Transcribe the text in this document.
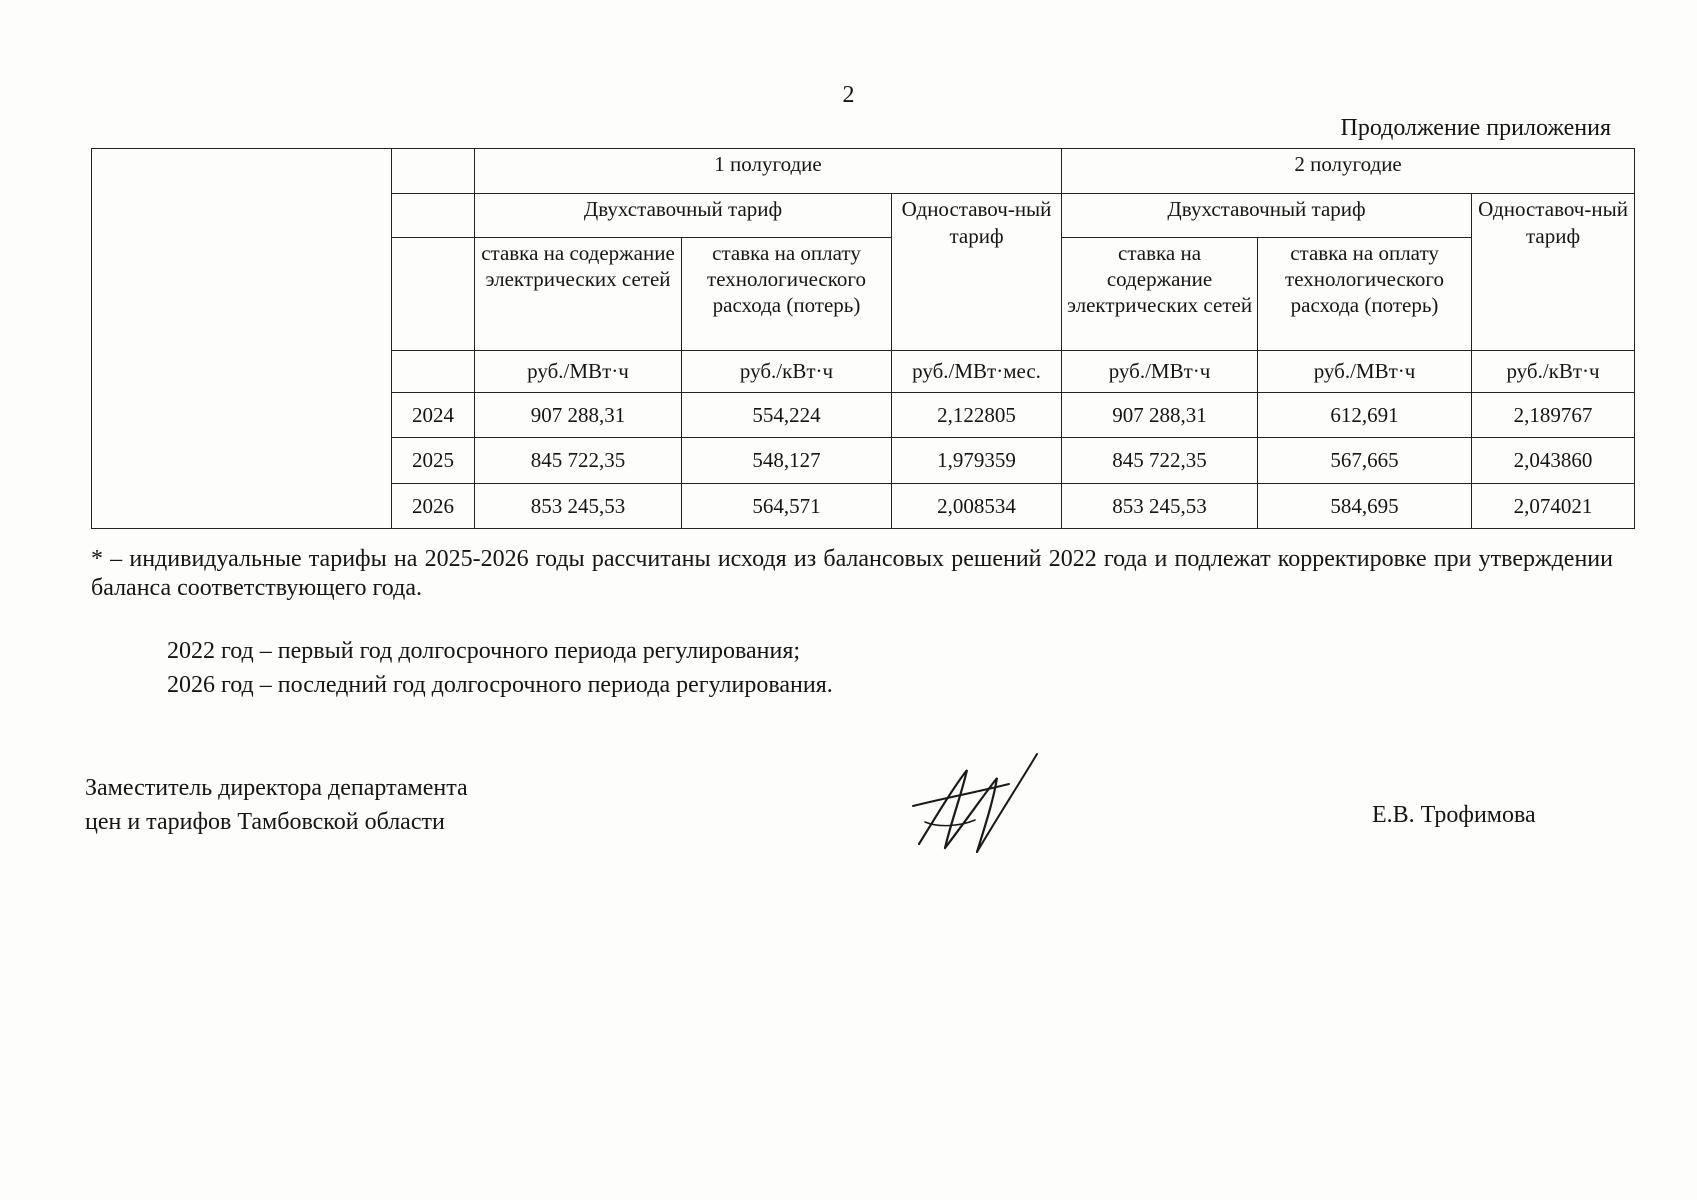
2
Продолжение приложения
		1 полугодие			2 полугодие		
		Двухставочный тариф		Одноставоч-ный тариф	Двухставочный тариф		Одноставоч-ный тариф
		ставка на содержание электрических сетей	ставка на оплату технологического расхода (потерь)		ставка на содержание электрических сетей	ставка на оплату технологического расхода (потерь)	
		руб./МВт·ч	руб./кВт·ч	руб./МВт·мес.	руб./МВт·ч	руб./МВт·ч	руб./кВт·ч
	2024	907 288,31	554,224	2,122805	907 288,31	612,691	2,189767
	2025	845 722,35	548,127	1,979359	845 722,35	567,665	2,043860
	2026	853 245,53	564,571	2,008534	853 245,53	584,695	2,074021
* – индивидуальные тарифы на 2025-2026 годы рассчитаны исходя из балансовых решений 2022 года и подлежат корректировке при утверждении баланса соответствующего года.
2022 год – первый год долгосрочного периода регулирования;
2026 год – последний год долгосрочного периода регулирования.
Заместитель директора департамента
цен и тарифов Тамбовской области	Е.В. Трофимова
